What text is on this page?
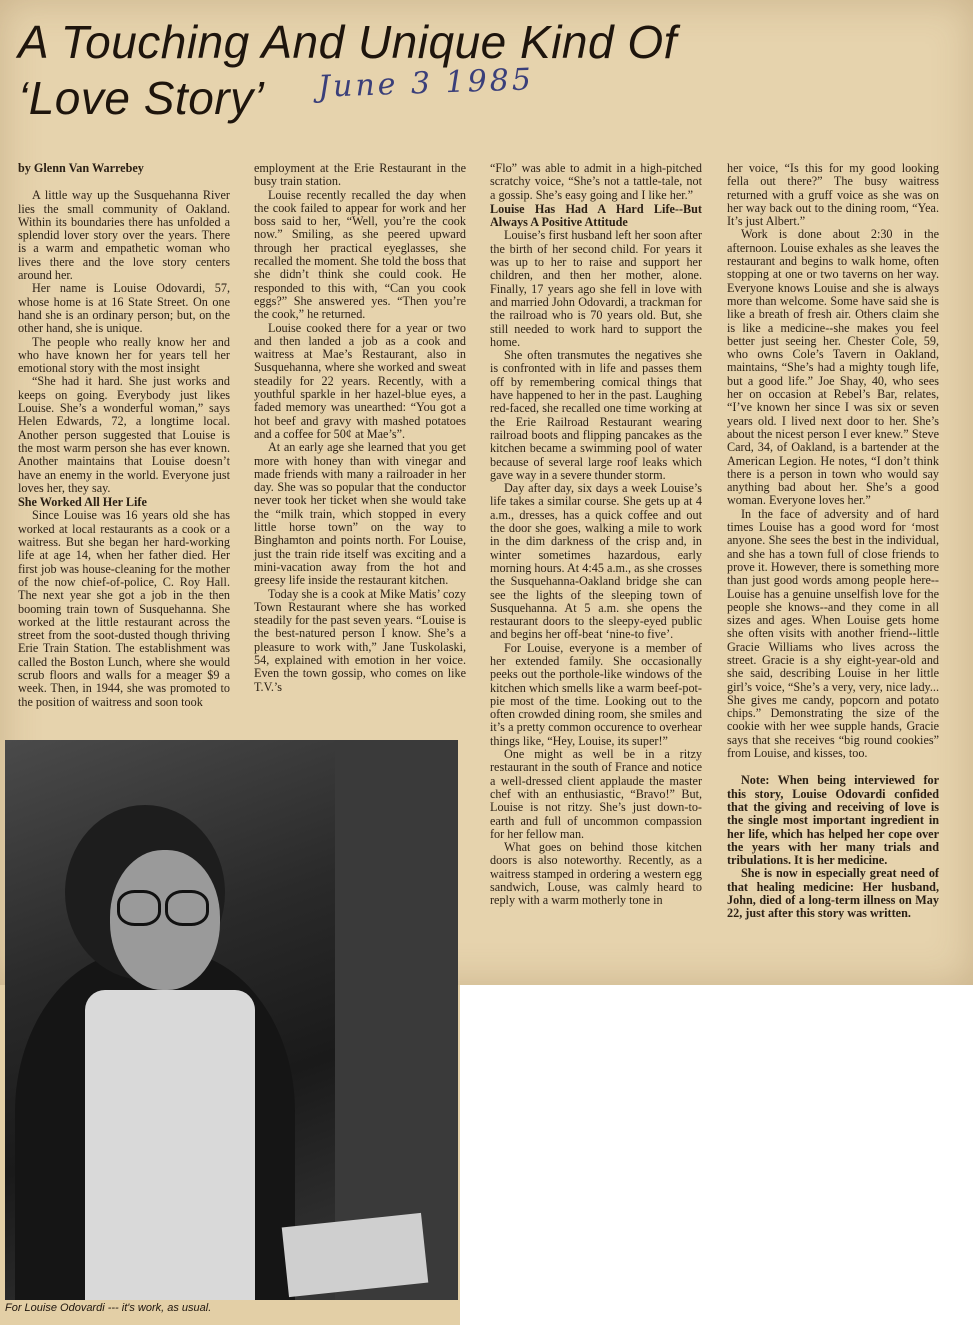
A Touching And Unique Kind Of
‘Love Story’	June 3 1985

by Glenn Van Warrebey

A little way up the Susquehanna River lies the small community of Oakland. Within its boundaries there has unfolded a splendid lover story over the years. There is a warm and empathetic woman who lives there and the love story centers around her.

Her name is Louise Odovardi, 57, whose home is at 16 State Street. On one hand she is an ordinary person; but, on the other hand, she is unique.

The people who really know her and who have known her for years tell her emotional story with the most insight

“She had it hard. She just works and keeps on going. Everybody just likes Louise. She’s a wonderful woman,” says Helen Edwards, 72, a longtime local. Another person suggested that Louise is the most warm person she has ever known. Another maintains that Louise doesn’t have an enemy in the world. Everyone just loves her, they say.

She Worked All Her Life

Since Louise was 16 years old she has worked at local restaurants as a cook or a waitress. But she began her hard-working life at age 14, when her father died. Her first job was house-cleaning for the mother of the now chief-of-police, C. Roy Hall. The next year she got a job in the then booming train town of Susquehanna. She worked at the little restaurant across the street from the soot-dusted though thriving Erie Train Station. The establishment was called the Boston Lunch, where she would scrub floors and walls for a meager $9 a week. Then, in 1944, she was promoted to the position of waitress and soon took

employment at the Erie Restaurant in the busy train station.

Louise recently recalled the day when the cook failed to appear for work and her boss said to her, “Well, you’re the cook now.” Smiling, as she peered upward through her practical eyeglasses, she recalled the moment. She told the boss that she didn’t think she could cook. He responded to this with, “Can you cook eggs?” She answered yes. “Then you’re the cook,” he returned.

Louise cooked there for a year or two and then landed a job as a cook and waitress at Mae’s Restaurant, also in Susquehanna, where she worked and sweat steadily for 22 years. Recently, with a youthful sparkle in her hazel-blue eyes, a faded memory was unearthed: “You got a hot beef and gravy with mashed potatoes and a coffee for 50¢ at Mae’s”.

At an early age she learned that you get more with honey than with vinegar and made friends with many a railroader in her day. She was so popular that the conductor never took her ticket when she would take the “milk train, which stopped in every little horse town” on the way to Binghamton and points north. For Louise, just the train ride itself was exciting and a mini-vacation away from the hot and greesy life inside the restaurant kitchen.

Today she is a cook at Mike Matis’ cozy Town Restaurant where she has worked steadily for the past seven years. “Louise is the best-natured person I know. She’s a pleasure to work with,” Jane Tuskolaski, 54, explained with emotion in her voice. Even the town gossip, who comes on like T.V.’s

“Flo” was able to admit in a high-pitched scratchy voice, “She’s not a tattle-tale, not a gossip. She’s easy going and I like her.”

Louise Has Had A Hard Life--But Always A Positive Attitude

Louise’s first husband left her soon after the birth of her second child. For years it was up to her to raise and support her children, and then her mother, alone. Finally, 17 years ago she fell in love with and married John Odovardi, a trackman for the railroad who is 70 years old. But, she still needed to work hard to support the home.

She often transmutes the negatives she is confronted with in life and passes them off by remembering comical things that have happened to her in the past. Laughing red-faced, she recalled one time working at the Erie Railroad Restaurant wearing railroad boots and flipping pancakes as the kitchen became a swimming pool of water because of several large roof leaks which gave way in a severe thunder storm.

Day after day, six days a week Louise’s life takes a similar course. She gets up at 4 a.m., dresses, has a quick coffee and out the door she goes, walking a mile to work in the dim darkness of the crisp and, in winter sometimes hazardous, early morning hours. At 4:45 a.m., as she crosses the Susquehanna-Oakland bridge she can see the lights of the sleeping town of Susquehanna. At 5 a.m. she opens the restaurant doors to the sleepy-eyed public and begins her off-beat ‘nine-to five’.

For Louise, everyone is a member of her extended family. She occasionally peeks out the porthole-like windows of the kitchen which smells like a warm beef-pot-pie most of the time. Looking out to the often crowded dining room, she smiles and it’s a pretty common occurence to overhear things like, “Hey, Louise, its super!”

One might as well be in a ritzy restaurant in the south of France and notice a well-dressed client applaude the master chef with an enthusiastic, “Bravo!” But, Louise is not ritzy. She’s just down-to-earth and full of uncommon compassion for her fellow man.

What goes on behind those kitchen doors is also noteworthy. Recently, as a waitress stamped in ordering a western egg sandwich, Louse, was calmly heard to reply with a warm motherly tone in

her voice, “Is this for my good looking fella out there?” The busy waitress returned with a gruff voice as she was on her way back out to the dining room, “Yea. It’s just Albert.”

Work is done about 2:30 in the afternoon. Louise exhales as she leaves the restaurant and begins to walk home, often stopping at one or two taverns on her way. Everyone knows Louise and she is always more than welcome. Some have said she is like a breath of fresh air. Others claim she is like a medicine--she makes you feel better just seeing her. Chester Cole, 59, who owns Cole’s Tavern in Oakland, maintains, “She’s had a mighty tough life, but a good life.” Joe Shay, 40, who sees her on occasion at Rebel’s Bar, relates, “I’ve known her since I was six or seven years old. I lived next door to her. She’s about the nicest person I ever knew.” Steve Card, 34, of Oakland, is a bartender at the American Legion. He notes, “I don’t think there is a person in town who would say anything bad about her. She’s a good woman. Everyone loves her.”

In the face of adversity and of hard times Louise has a good word for ‘most anyone. She sees the best in the individual, and she has a town full of close friends to prove it. However, there is something more than just good words among people here--Louise has a genuine unselfish love for the people she knows--and they come in all sizes and ages. When Louise gets home she often visits with another friend--little Gracie Williams who lives across the street. Gracie is a shy eight-year-old and she said, describing Louise in her little girl’s voice, “She’s a very, very, nice lady... She gives me candy, popcorn and potato chips.” Demonstrating the size of the cookie with her wee supple hands, Gracie says that she receives “big round cookies” from Louise, and kisses, too.

Note: When being interviewed for this story, Louise Odovardi confided that the giving and receiving of love is the single most important ingredient in her life, which has helped her cope over the years with her many trials and tribulations. It is her medicine.

She is now in especially great need of that healing medicine: Her husband, John, died of a long-term illness on May 22, just after this story was written.

For Louise Odovardi --- it's work, as usual.
